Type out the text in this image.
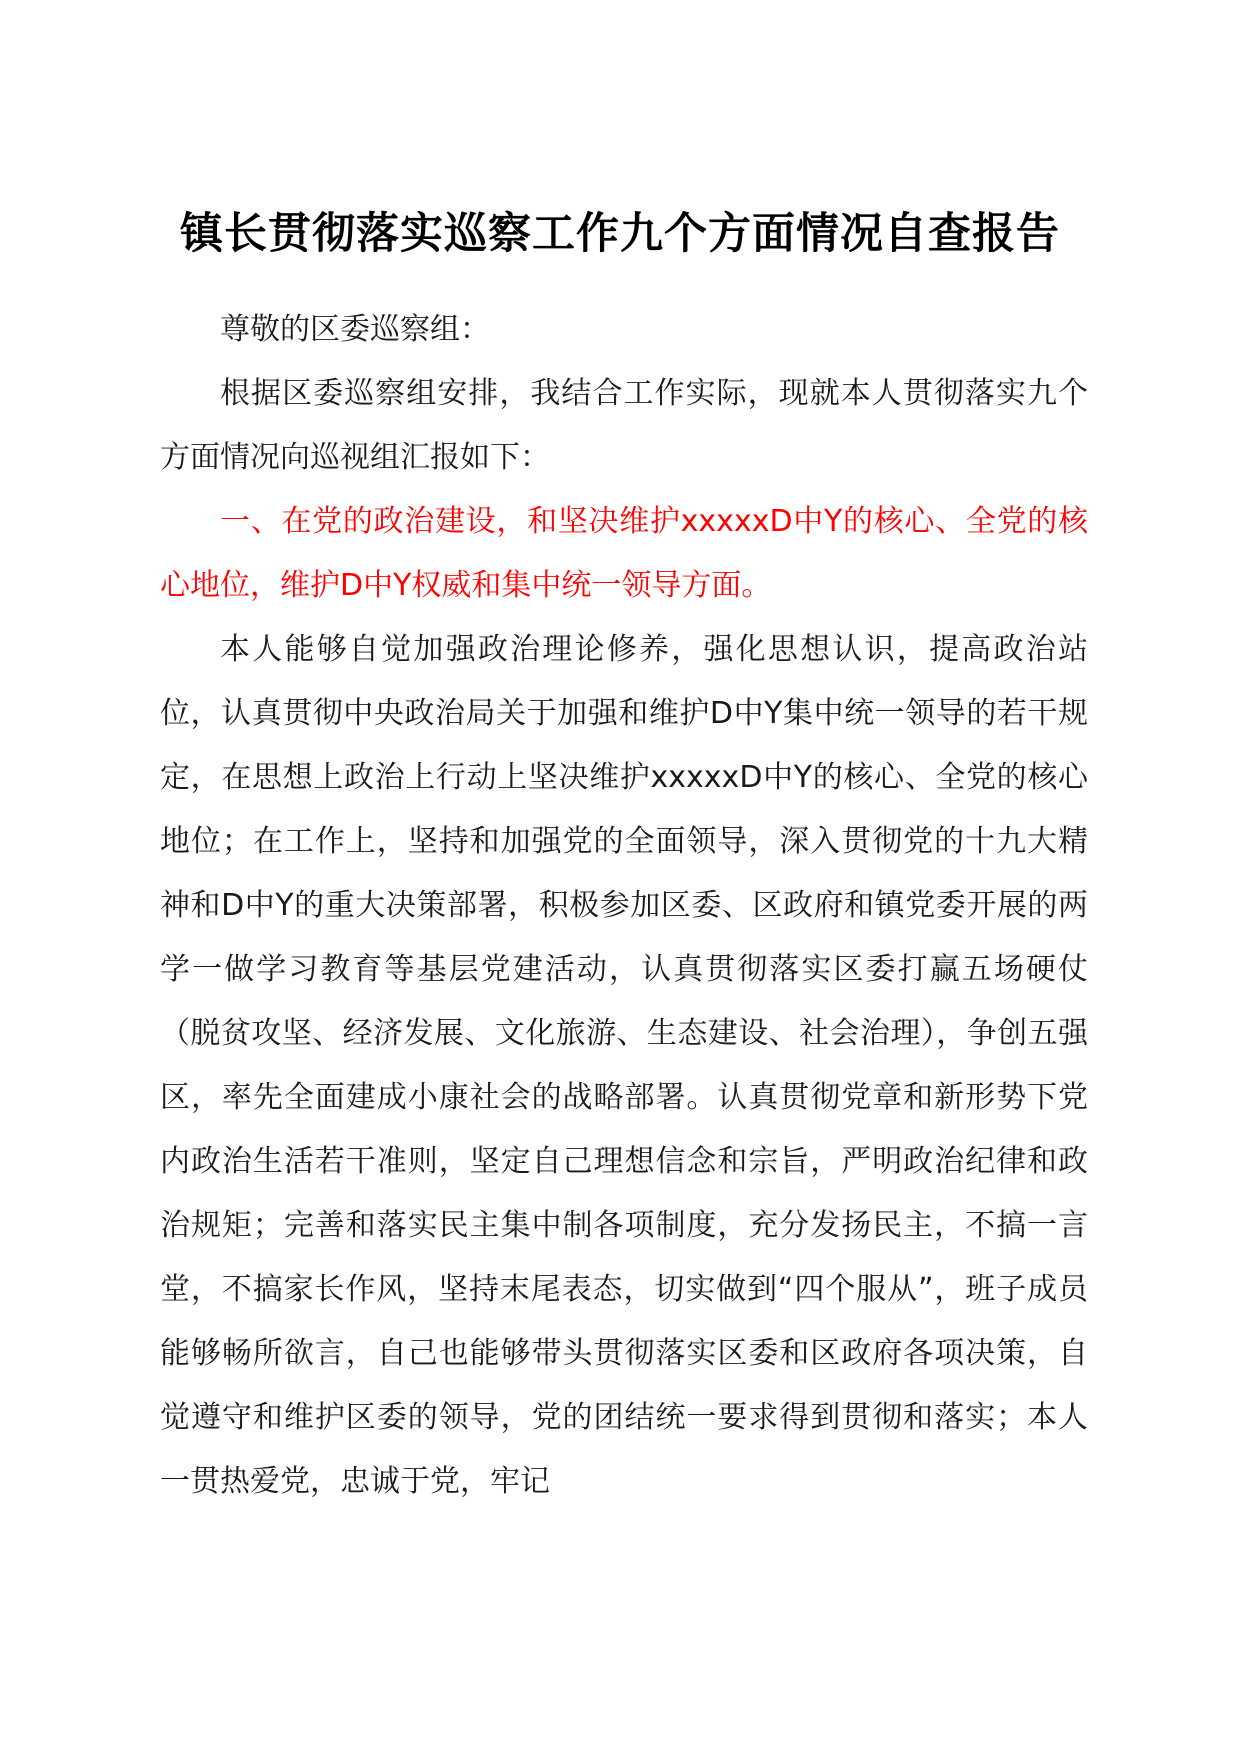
镇长贯彻落实巡察工作九个方面情况自查报告

尊敬的区委巡察组：

根据区委巡察组安排，我结合工作实际，现就本人贯彻落实九个方面情况向巡视组汇报如下：

一、在党的政治建设，和坚决维护xxxxxD中Y的核心、全党的核心地位，维护D中Y权威和集中统一领导方面。

本人能够自觉加强政治理论修养，强化思想认识，提高政治站位，认真贯彻中央政治局关于加强和维护D中Y集中统一领导的若干规定，在思想上政治上行动上坚决维护xxxxxD中Y的核心、全党的核心地位；在工作上，坚持和加强党的全面领导，深入贯彻党的十九大精神和D中Y的重大决策部署，积极参加区委、区政府和镇党委开展的两学一做学习教育等基层党建活动，认真贯彻落实区委打赢五场硬仗（脱贫攻坚、经济发展、文化旅游、生态建设、社会治理），争创五强区，率先全面建成小康社会的战略部署。认真贯彻党章和新形势下党内政治生活若干准则，坚定自己理想信念和宗旨，严明政治纪律和政治规矩；完善和落实民主集中制各项制度，充分发扬民主，不搞一言堂，不搞家长作风，坚持末尾表态，切实做到“四个服从”，班子成员能够畅所欲言，自己也能够带头贯彻落实区委和区政府各项决策，自觉遵守和维护区委的领导，党的团结统一要求得到贯彻和落实；本人一贯热爱党，忠诚于党，牢记
